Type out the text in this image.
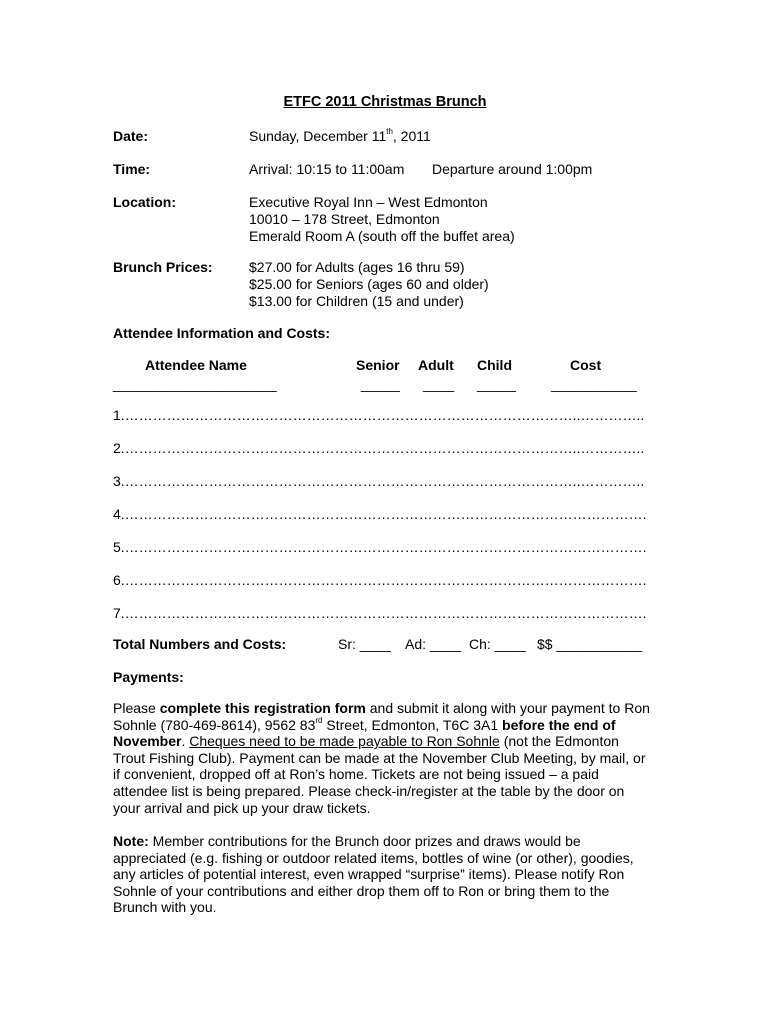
ETFC 2011 Christmas Brunch
Date:	Sunday, December 11th, 2011
Time:	Arrival: 10:15 to 11:00am Departure around 1:00pm
Location:	Executive Royal Inn – West Edmonton
10010 – 178 Street, Edmonton
Emerald Room A (south off the buffet area)
Brunch Prices:	$27.00 for Adults (ages 16 thru 59)
$25.00 for Seniors (ages 60 and older)
$13.00 for Children (15 and under)
Attendee Information and Costs:
Attendee Name	Senior Adult Child	Cost
_____________________	_____ ____ _____	___________
1.……………………………………………………………………………………..…………..
2.……………………………………………………………………………………..…………..
3.……………………………………………………………………………………..…………..
4.………………………………………………………………………………………………….
5.………………………………………………………………………………………………….
6.………………………………………………………………………………………………….
7.………………………………………………………………………………………………….
Total Numbers and Costs:	Sr: ____ Ad: ____ Ch: ____ $$ ___________
Payments:
Please complete this registration form and submit it along with your payment to Ron Sohnle (780-469-8614), 9562 83rd Street, Edmonton, T6C 3A1 before the end of November. Cheques need to be made payable to Ron Sohnle (not the Edmonton Trout Fishing Club). Payment can be made at the November Club Meeting, by mail, or if convenient, dropped off at Ron’s home. Tickets are not being issued – a paid attendee list is being prepared. Please check-in/register at the table by the door on your arrival and pick up your draw tickets.
Note: Member contributions for the Brunch door prizes and draws would be appreciated (e.g. fishing or outdoor related items, bottles of wine (or other), goodies, any articles of potential interest, even wrapped “surprise” items). Please notify Ron Sohnle of your contributions and either drop them off to Ron or bring them to the Brunch with you.
